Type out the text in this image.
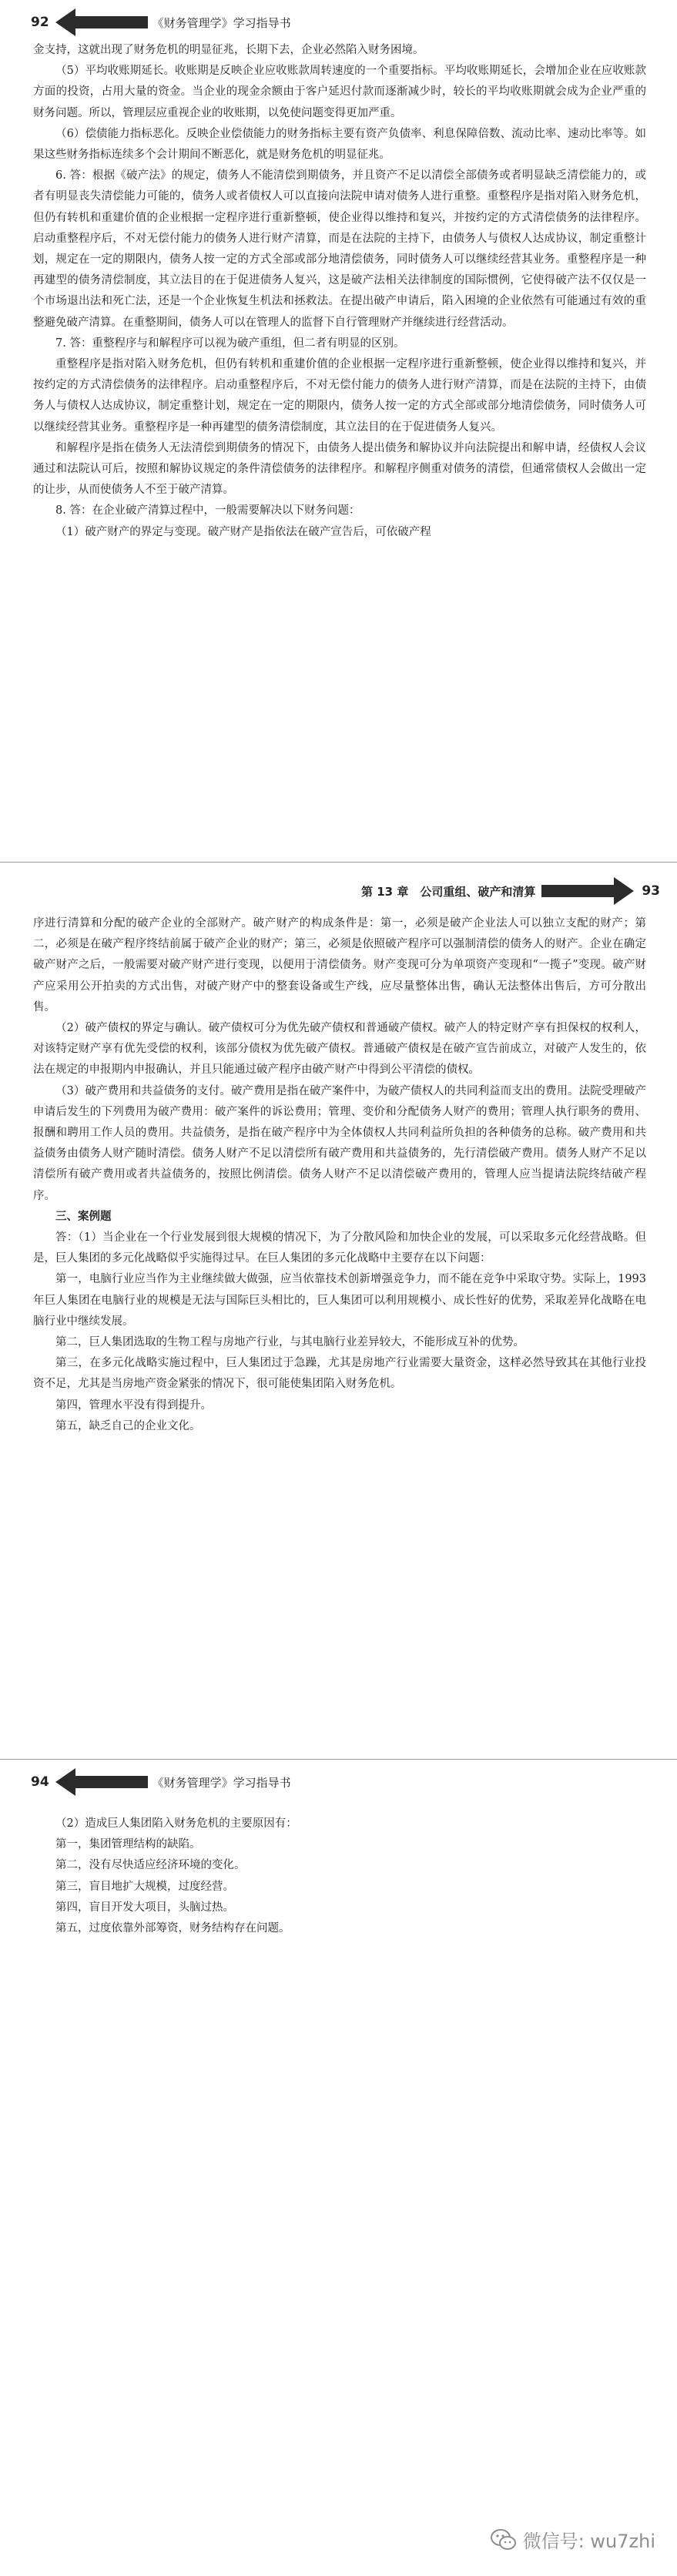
92	《财务管理学》学习指导书

金支持，这就出现了财务危机的明显征兆，长期下去，企业必然陷入财务困境。

（5）平均收账期延长。收账期是反映企业应收账款周转速度的一个重要指标。平均收账期延长，会增加企业在应收账款方面的投资，占用大量的资金。当企业的现金余额由于客户延迟付款而逐渐减少时，较长的平均收账期就会成为企业严重的财务问题。所以，管理层应重视企业的收账期，以免使问题变得更加严重。

（6）偿债能力指标恶化。反映企业偿债能力的财务指标主要有资产负债率、利息保障倍数、流动比率、速动比率等。如果这些财务指标连续多个会计期间不断恶化，就是财务危机的明显征兆。

6. 答：根据《破产法》的规定，债务人不能清偿到期债务，并且资产不足以清偿全部债务或者明显缺乏清偿能力的，或者有明显丧失清偿能力可能的，债务人或者债权人可以直接向法院申请对债务人进行重整。重整程序是指对陷入财务危机，但仍有转机和重建价值的企业根据一定程序进行重新整顿，使企业得以维持和复兴，并按约定的方式清偿债务的法律程序。启动重整程序后，不对无偿付能力的债务人进行财产清算，而是在法院的主持下，由债务人与债权人达成协议，制定重整计划，规定在一定的期限内，债务人按一定的方式全部或部分地清偿债务，同时债务人可以继续经营其业务。重整程序是一种再建型的债务清偿制度，其立法目的在于促进债务人复兴，这是破产法相关法律制度的国际惯例，它使得破产法不仅仅是一个市场退出法和死亡法，还是一个企业恢复生机法和拯救法。在提出破产申请后，陷入困境的企业依然有可能通过有效的重整避免破产清算。在重整期间，债务人可以在管理人的监督下自行管理财产并继续进行经营活动。

7. 答：重整程序与和解程序可以视为破产重组，但二者有明显的区别。

重整程序是指对陷入财务危机，但仍有转机和重建价值的企业根据一定程序进行重新整顿，使企业得以维持和复兴，并按约定的方式清偿债务的法律程序。启动重整程序后，不对无偿付能力的债务人进行财产清算，而是在法院的主持下，由债务人与债权人达成协议，制定重整计划，规定在一定的期限内，债务人按一定的方式全部或部分地清偿债务，同时债务人可以继续经营其业务。重整程序是一种再建型的债务清偿制度，其立法目的在于促进债务人复兴。

和解程序是指在债务人无法清偿到期债务的情况下，由债务人提出债务和解协议并向法院提出和解申请，经债权人会议通过和法院认可后，按照和解协议规定的条件清偿债务的法律程序。和解程序侧重对债务的清偿，但通常债权人会做出一定的让步，从而使债务人不至于破产清算。

8. 答：在企业破产清算过程中，一般需要解决以下财务问题：

（1）破产财产的界定与变现。破产财产是指依法在破产宣告后，可依破产程

93
第 13 章　公司重组、破产和清算

序进行清算和分配的破产企业的全部财产。破产财产的构成条件是：第一，必须是破产企业法人可以独立支配的财产；第二，必须是在破产程序终结前属于破产企业的财产；第三，必须是依照破产程序可以强制清偿的债务人的财产。企业在确定破产财产之后，一般需要对破产财产进行变现，以便用于清偿债务。财产变现可分为单项资产变现和“一揽子”变现。破产财产应采用公开拍卖的方式出售，对破产财产中的整套设备或生产线，应尽量整体出售，确认无法整体出售后，方可分散出售。

（2）破产债权的界定与确认。破产债权可分为优先破产债权和普通破产债权。破产人的特定财产享有担保权的权利人，对该特定财产享有优先受偿的权利，该部分债权为优先破产债权。普通破产债权是在破产宣告前成立，对破产人发生的，依法在规定的申报期内申报确认，并且只能通过破产程序由破产财产中得到公平清偿的债权。

（3）破产费用和共益债务的支付。破产费用是指在破产案件中，为破产债权人的共同利益而支出的费用。法院受理破产申请后发生的下列费用为破产费用：破产案件的诉讼费用；管理、变价和分配债务人财产的费用；管理人执行职务的费用、报酬和聘用工作人员的费用。共益债务，是指在破产程序中为全体债权人共同利益所负担的各种债务的总称。破产费用和共益债务由债务人财产随时清偿。债务人财产不足以清偿所有破产费用和共益债务的，先行清偿破产费用。债务人财产不足以清偿所有破产费用或者共益债务的，按照比例清偿。债务人财产不足以清偿破产费用的，管理人应当提请法院终结破产程序。

三、案例题

答：（1）当企业在一个行业发展到很大规模的情况下，为了分散风险和加快企业的发展，可以采取多元化经营战略。但是，巨人集团的多元化战略似乎实施得过早。在巨人集团的多元化战略中主要存在以下问题：

第一，电脑行业应当作为主业继续做大做强，应当依靠技术创新增强竞争力，而不能在竞争中采取守势。实际上，1993 年巨人集团在电脑行业的规模是无法与国际巨头相比的，巨人集团可以利用规模小、成长性好的优势，采取差异化战略在电脑行业中继续发展。

第二，巨人集团选取的生物工程与房地产行业，与其电脑行业差异较大，不能形成互补的优势。

第三，在多元化战略实施过程中，巨人集团过于急躁，尤其是房地产行业需要大量资金，这样必然导致其在其他行业投资不足，尤其是当房地产资金紧张的情况下，很可能使集团陷入财务危机。

第四，管理水平没有得到提升。

第五，缺乏自己的企业文化。

94	《财务管理学》学习指导书

（2）造成巨人集团陷入财务危机的主要原因有：

第一，集团管理结构的缺陷。

第二，没有尽快适应经济环境的变化。

第三，盲目地扩大规模，过度经营。

第四，盲目开发大项目，头脑过热。

第五，过度依靠外部筹资，财务结构存在问题。

微信号: wu7zhi
